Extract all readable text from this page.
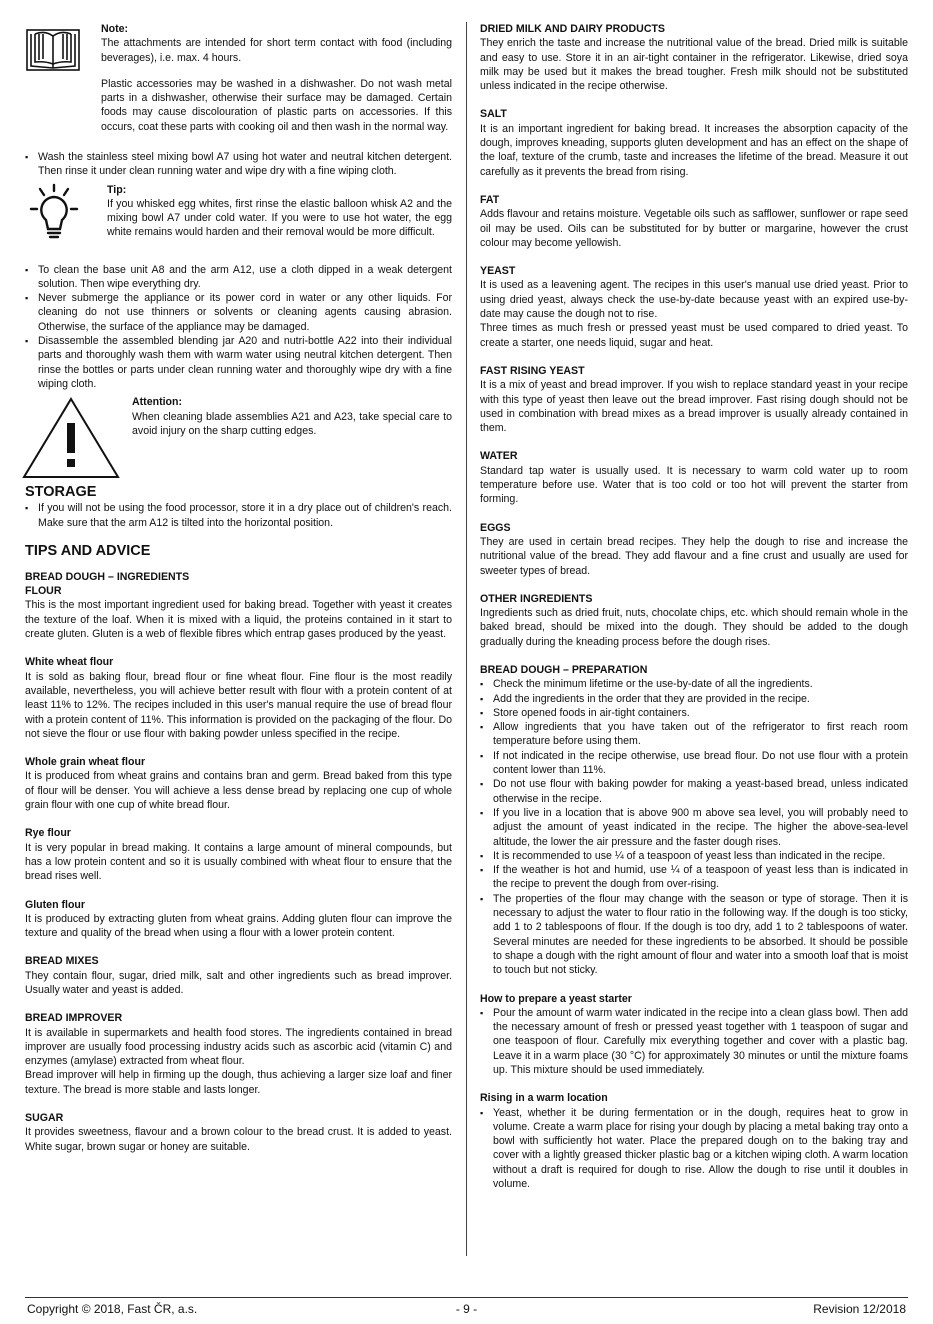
Note:

The attachments are intended for short term contact with food (including beverages), i.e. max. 4 hours.

Plastic accessories may be washed in a dishwasher. Do not wash metal parts in a dishwasher, otherwise their surface may be damaged. Certain foods may cause discolouration of plastic parts on accessories. If this occurs, coat these parts with cooking oil and then wash in the normal way.

▪ Wash the stainless steel mixing bowl A7 using hot water and neutral kitchen detergent. Then rinse it under clean running water and wipe dry with a fine wiping cloth.

Tip:

If you whisked egg whites, first rinse the elastic balloon whisk A2 and the mixing bowl A7 under cold water. If you were to use hot water, the egg white remains would harden and their removal would be more difficult.

▪ To clean the base unit A8 and the arm A12, use a cloth dipped in a weak detergent solution. Then wipe everything dry.
▪ Never submerge the appliance or its power cord in water or any other liquids. For cleaning do not use thinners or solvents or cleaning agents causing abrasion. Otherwise, the surface of the appliance may be damaged.
▪ Disassemble the assembled blending jar A20 and nutri-bottle A22 into their individual parts and thoroughly wash them with warm water using neutral kitchen detergent. Then rinse the bottles or parts under clean running water and thoroughly wipe dry with a fine wiping cloth.

Attention:

When cleaning blade assemblies A21 and A23, take special care to avoid injury on the sharp cutting edges.

STORAGE

▪ If you will not be using the food processor, store it in a dry place out of children's reach. Make sure that the arm A12 is tilted into the horizontal position.

TIPS AND ADVICE

BREAD DOUGH – INGREDIENTS

FLOUR

This is the most important ingredient used for baking bread. Together with yeast it creates the texture of the loaf. When it is mixed with a liquid, the proteins contained in it start to create gluten. Gluten is a web of flexible fibres which entrap gases produced by the yeast.

White wheat flour

It is sold as baking flour, bread flour or fine wheat flour. Fine flour is the most readily available, nevertheless, you will achieve better result with flour with a protein content of at least 11% to 12%. The recipes included in this user's manual require the use of bread flour with a protein content of 11%. This information is provided on the packaging of the flour. Do not sieve the flour or use flour with baking powder unless specified in the recipe.

Whole grain wheat flour

It is produced from wheat grains and contains bran and germ. Bread baked from this type of flour will be denser. You will achieve a less dense bread by replacing one cup of whole grain flour with one cup of white bread flour.

Rye flour

It is very popular in bread making. It contains a large amount of mineral compounds, but has a low protein content and so it is usually combined with wheat flour to ensure that the bread rises well.

Gluten flour

It is produced by extracting gluten from wheat grains. Adding gluten flour can improve the texture and quality of the bread when using a flour with a lower protein content.

BREAD MIXES

They contain flour, sugar, dried milk, salt and other ingredients such as bread improver. Usually water and yeast is added.

BREAD IMPROVER

It is available in supermarkets and health food stores. The ingredients contained in bread improver are usually food processing industry acids such as ascorbic acid (vitamin C) and enzymes (amylase) extracted from wheat flour.

Bread improver will help in firming up the dough, thus achieving a larger size loaf and finer texture. The bread is more stable and lasts longer.

SUGAR

It provides sweetness, flavour and a brown colour to the bread crust. It is added to yeast. White sugar, brown sugar or honey are suitable.

DRIED MILK AND DAIRY PRODUCTS

They enrich the taste and increase the nutritional value of the bread. Dried milk is suitable and easy to use. Store it in an air-tight container in the refrigerator. Likewise, dried soya milk may be used but it makes the bread tougher. Fresh milk should not be substituted unless indicated in the recipe otherwise.

SALT

It is an important ingredient for baking bread. It increases the absorption capacity of the dough, improves kneading, supports gluten development and has an effect on the shape of the loaf, texture of the crumb, taste and increases the lifetime of the bread. Measure it out carefully as it prevents the bread from rising.

FAT

Adds flavour and retains moisture. Vegetable oils such as safflower, sunflower or rape seed oil may be used. Oils can be substituted for by butter or margarine, however the crust colour may become yellowish.

YEAST

It is used as a leavening agent. The recipes in this user's manual use dried yeast. Prior to using dried yeast, always check the use-by-date because yeast with an expired use-by-date may cause the dough not to rise.

Three times as much fresh or pressed yeast must be used compared to dried yeast. To create a starter, one needs liquid, sugar and heat.

FAST RISING YEAST

It is a mix of yeast and bread improver. If you wish to replace standard yeast in your recipe with this type of yeast then leave out the bread improver. Fast rising dough should not be used in combination with bread mixes as a bread improver is usually already contained in them.

WATER

Standard tap water is usually used. It is necessary to warm cold water up to room temperature before use. Water that is too cold or too hot will prevent the starter from forming.

EGGS

They are used in certain bread recipes. They help the dough to rise and increase the nutritional value of the bread. They add flavour and a fine crust and usually are used for sweeter types of bread.

OTHER INGREDIENTS

Ingredients such as dried fruit, nuts, chocolate chips, etc. which should remain whole in the baked bread, should be mixed into the dough. They should be added to the dough gradually during the kneading process before the dough rises.

BREAD DOUGH – PREPARATION

▪ Check the minimum lifetime or the use-by-date of all the ingredients.
▪ Add the ingredients in the order that they are provided in the recipe.
▪ Store opened foods in air-tight containers.
▪ Allow ingredients that you have taken out of the refrigerator to first reach room temperature before using them.
▪ If not indicated in the recipe otherwise, use bread flour. Do not use flour with a protein content lower than 11%.
▪ Do not use flour with baking powder for making a yeast-based bread, unless indicated otherwise in the recipe.
▪ If you live in a location that is above 900 m above sea level, you will probably need to adjust the amount of yeast indicated in the recipe. The higher the above-sea-level altitude, the lower the air pressure and the faster dough rises.
▪ It is recommended to use ¼ of a teaspoon of yeast less than indicated in the recipe.
▪ If the weather is hot and humid, use ¼ of a teaspoon of yeast less than is indicated in the recipe to prevent the dough from over-rising.
▪ The properties of the flour may change with the season or type of storage. Then it is necessary to adjust the water to flour ratio in the following way. If the dough is too sticky, add 1 to 2 tablespoons of flour. If the dough is too dry, add 1 to 2 tablespoons of water. Several minutes are needed for these ingredients to be absorbed. It should be possible to shape a dough with the right amount of flour and water into a smooth loaf that is moist to touch but not sticky.

How to prepare a yeast starter

▪ Pour the amount of warm water indicated in the recipe into a clean glass bowl. Then add the necessary amount of fresh or pressed yeast together with 1 teaspoon of sugar and one teaspoon of flour. Carefully mix everything together and cover with a plastic bag. Leave it in a warm place (30 °C) for approximately 30 minutes or until the mixture foams up. This mixture should be used immediately.

Rising in a warm location

▪ Yeast, whether it be during fermentation or in the dough, requires heat to grow in volume. Create a warm place for rising your dough by placing a metal baking tray onto a bowl with sufficiently hot water. Place the prepared dough on to the baking tray and cover with a lightly greased thicker plastic bag or a kitchen wiping cloth. A warm location without a draft is required for dough to rise. Allow the dough to rise until it doubles in volume.
- 9 -
Copyright © 2018, Fast ČR, a.s.	Revision 12/2018
